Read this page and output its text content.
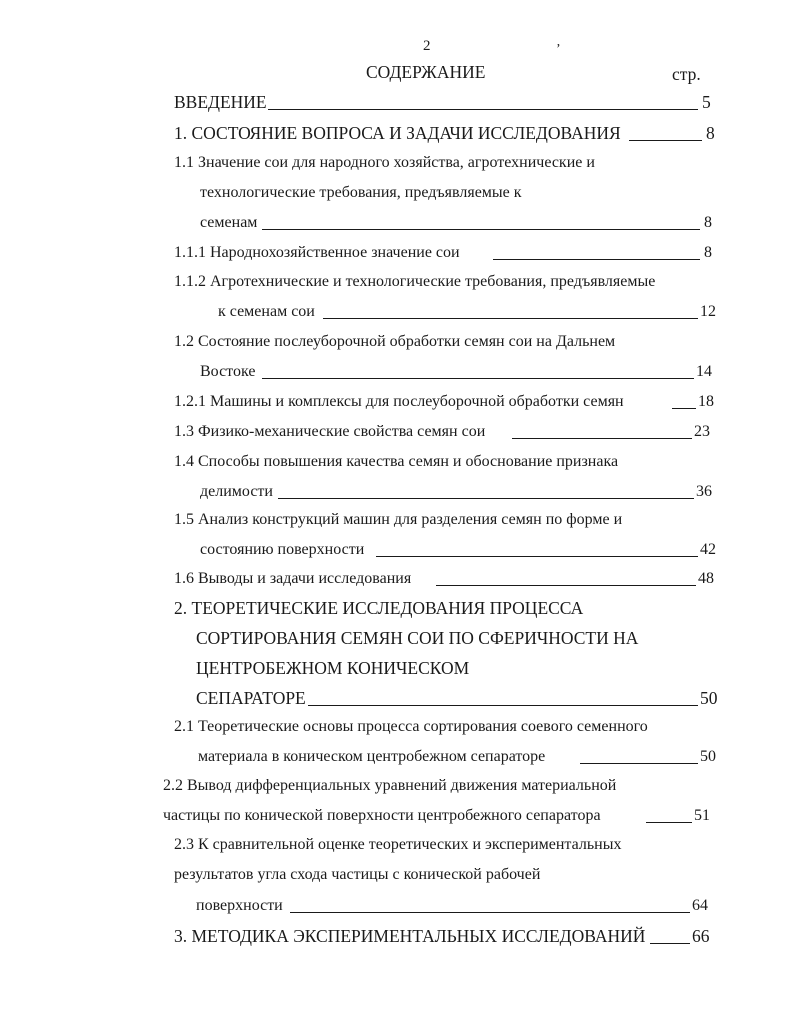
2	’
СОДЕРЖАНИЕ	стр.
ВВЕДЕНИЕ	5
1. СОСТОЯНИЕ ВОПРОСА И ЗАДАЧИ ИССЛЕДОВАНИЯ	8
1.1 Значение сои для народного хозяйства, агротехнические и
технологические требования, предъявляемые к
семенам	8
1.1.1 Народнохозяйственное значение сои	8
1.1.2 Агротехнические и технологические требования, предъявляемые
к семенам сои	12
1.2 Состояние послеуборочной обработки семян сои на Дальнем
Востоке	14
1.2.1 Машины и комплексы для послеуборочной обработки семян	18
1.3 Физико-механические свойства семян сои	23
1.4 Способы повышения качества семян и обоснование признака
делимости	36
1.5 Анализ конструкций машин для разделения семян по форме и
состоянию поверхности	42
1.6 Выводы и задачи исследования	48
2. ТЕОРЕТИЧЕСКИЕ ИССЛЕДОВАНИЯ ПРОЦЕССА
СОРТИРОВАНИЯ СЕМЯН СОИ ПО СФЕРИЧНОСТИ НА
ЦЕНТРОБЕЖНОМ КОНИЧЕСКОМ
СЕПАРАТОРЕ	50
2.1 Теоретические основы процесса сортирования соевого семенного
материала в коническом центробежном сепараторе	50
2.2 Вывод дифференциальных уравнений движения материальной
частицы по конической поверхности центробежного сепаратора	51
2.3 К сравнительной оценке теоретических и экспериментальных
результатов угла схода частицы с конической рабочей
поверхности	64
3. МЕТОДИКА ЭКСПЕРИМЕНТАЛЬНЫХ ИССЛЕДОВАНИЙ	66
